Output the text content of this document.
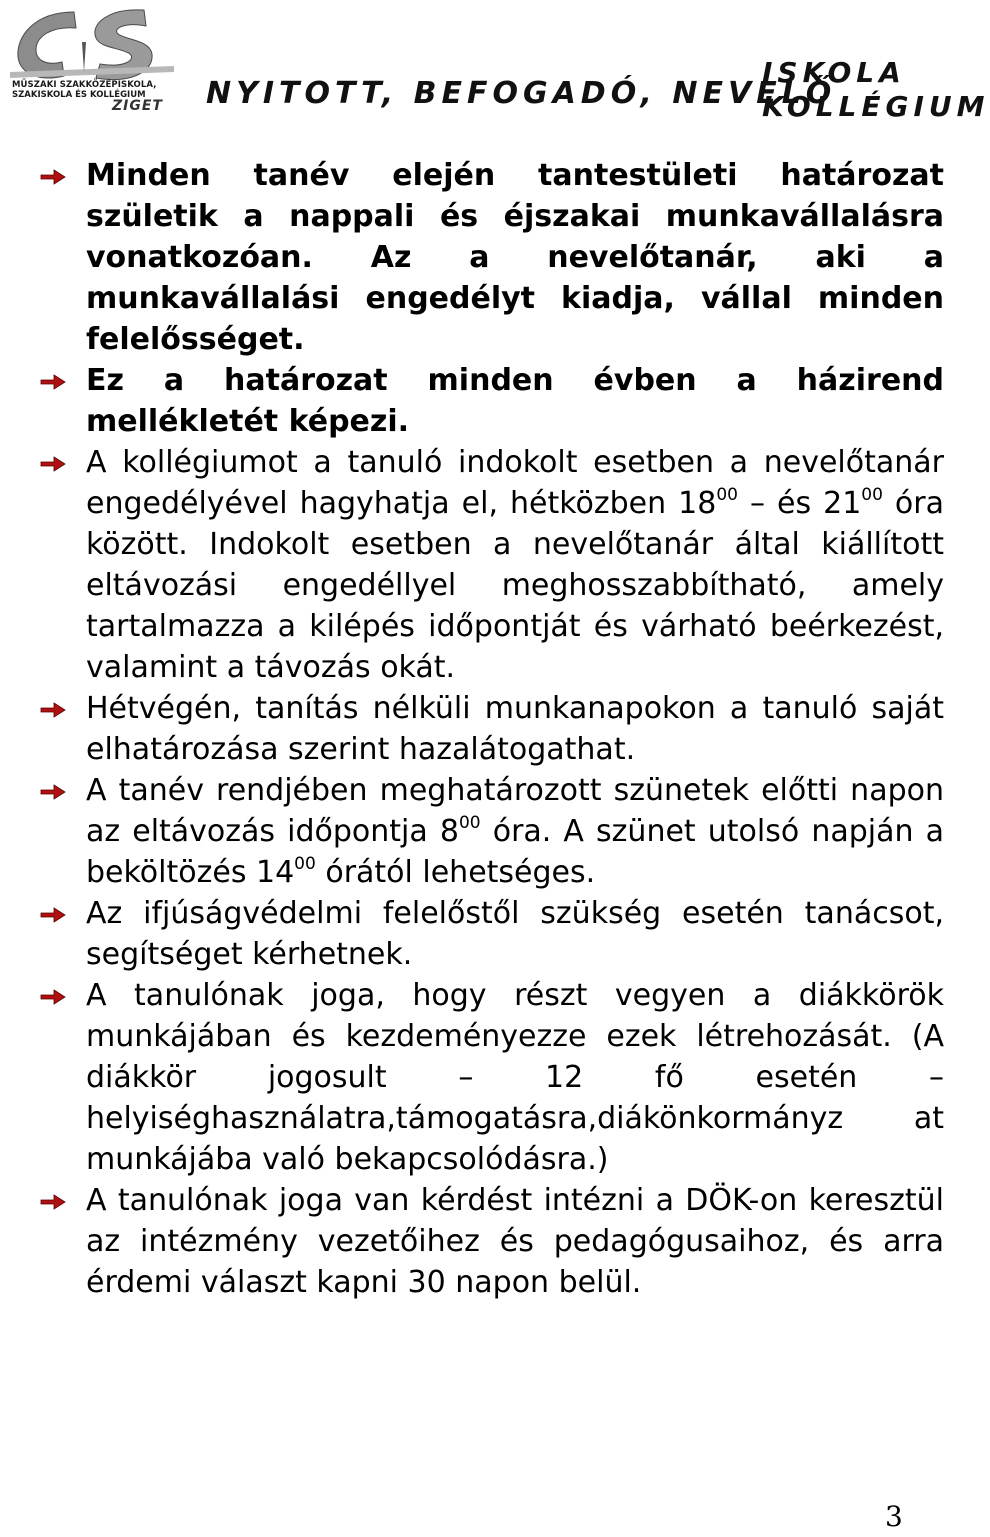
MŰSZAKI SZAKKÖZÉPISKOLA,
SZAKISKOLA ÉS KOLLÉGIUM
ZIGET NYITOTT, BEFOGADÓ, NEVELŐ
ISKOLA
KOLLÉGIUM

Minden tanév elején tantestületi határozat születik a nappali és éjszakai munkavállalásra vonatkozóan. Az a nevelőtanár, aki a munkavállalási engedélyt kiadja, vállal minden felelősséget.

Ez a határozat minden évben a házirend mellékletét képezi.

A kollégiumot a tanuló indokolt esetben a nevelőtanár engedélyével hagyhatja el, hétközben $18^{00}$ – és $21^{00}$ óra között. Indokolt esetben a nevelőtanár által kiállított eltávozási engedéllyel meghosszabbítható, amely tartalmazza a kilépés időpontját és várható beérkezést, valamint a távozás okát.

Hétvégén, tanítás nélküli munkanapokon a tanuló saját elhatározása szerint hazalátogathat.

A tanév rendjében meghatározott szünetek előtti napon az eltávozás időpontja $8^{00}$ óra. A szünet utolsó napján a beköltözés $14^{00}$ órától lehetséges.

Az ifjúságvédelmi felelőstől szükség esetén tanácsot, segítséget kérhetnek.

A tanulónak joga, hogy részt vegyen a diákkörök munkájában és kezdeményezze ezek létrehozását. (A diákkör jogosult – 12 fő esetén – helyiséghasználatra,támogatásra,diákönkormányz at munkájába való bekapcsolódásra.)

A tanulónak joga van kérdést intézni a DÖK-on keresztül az intézmény vezetőihez és pedagógusaihoz, és arra érdemi választ kapni 30 napon belül.

3
